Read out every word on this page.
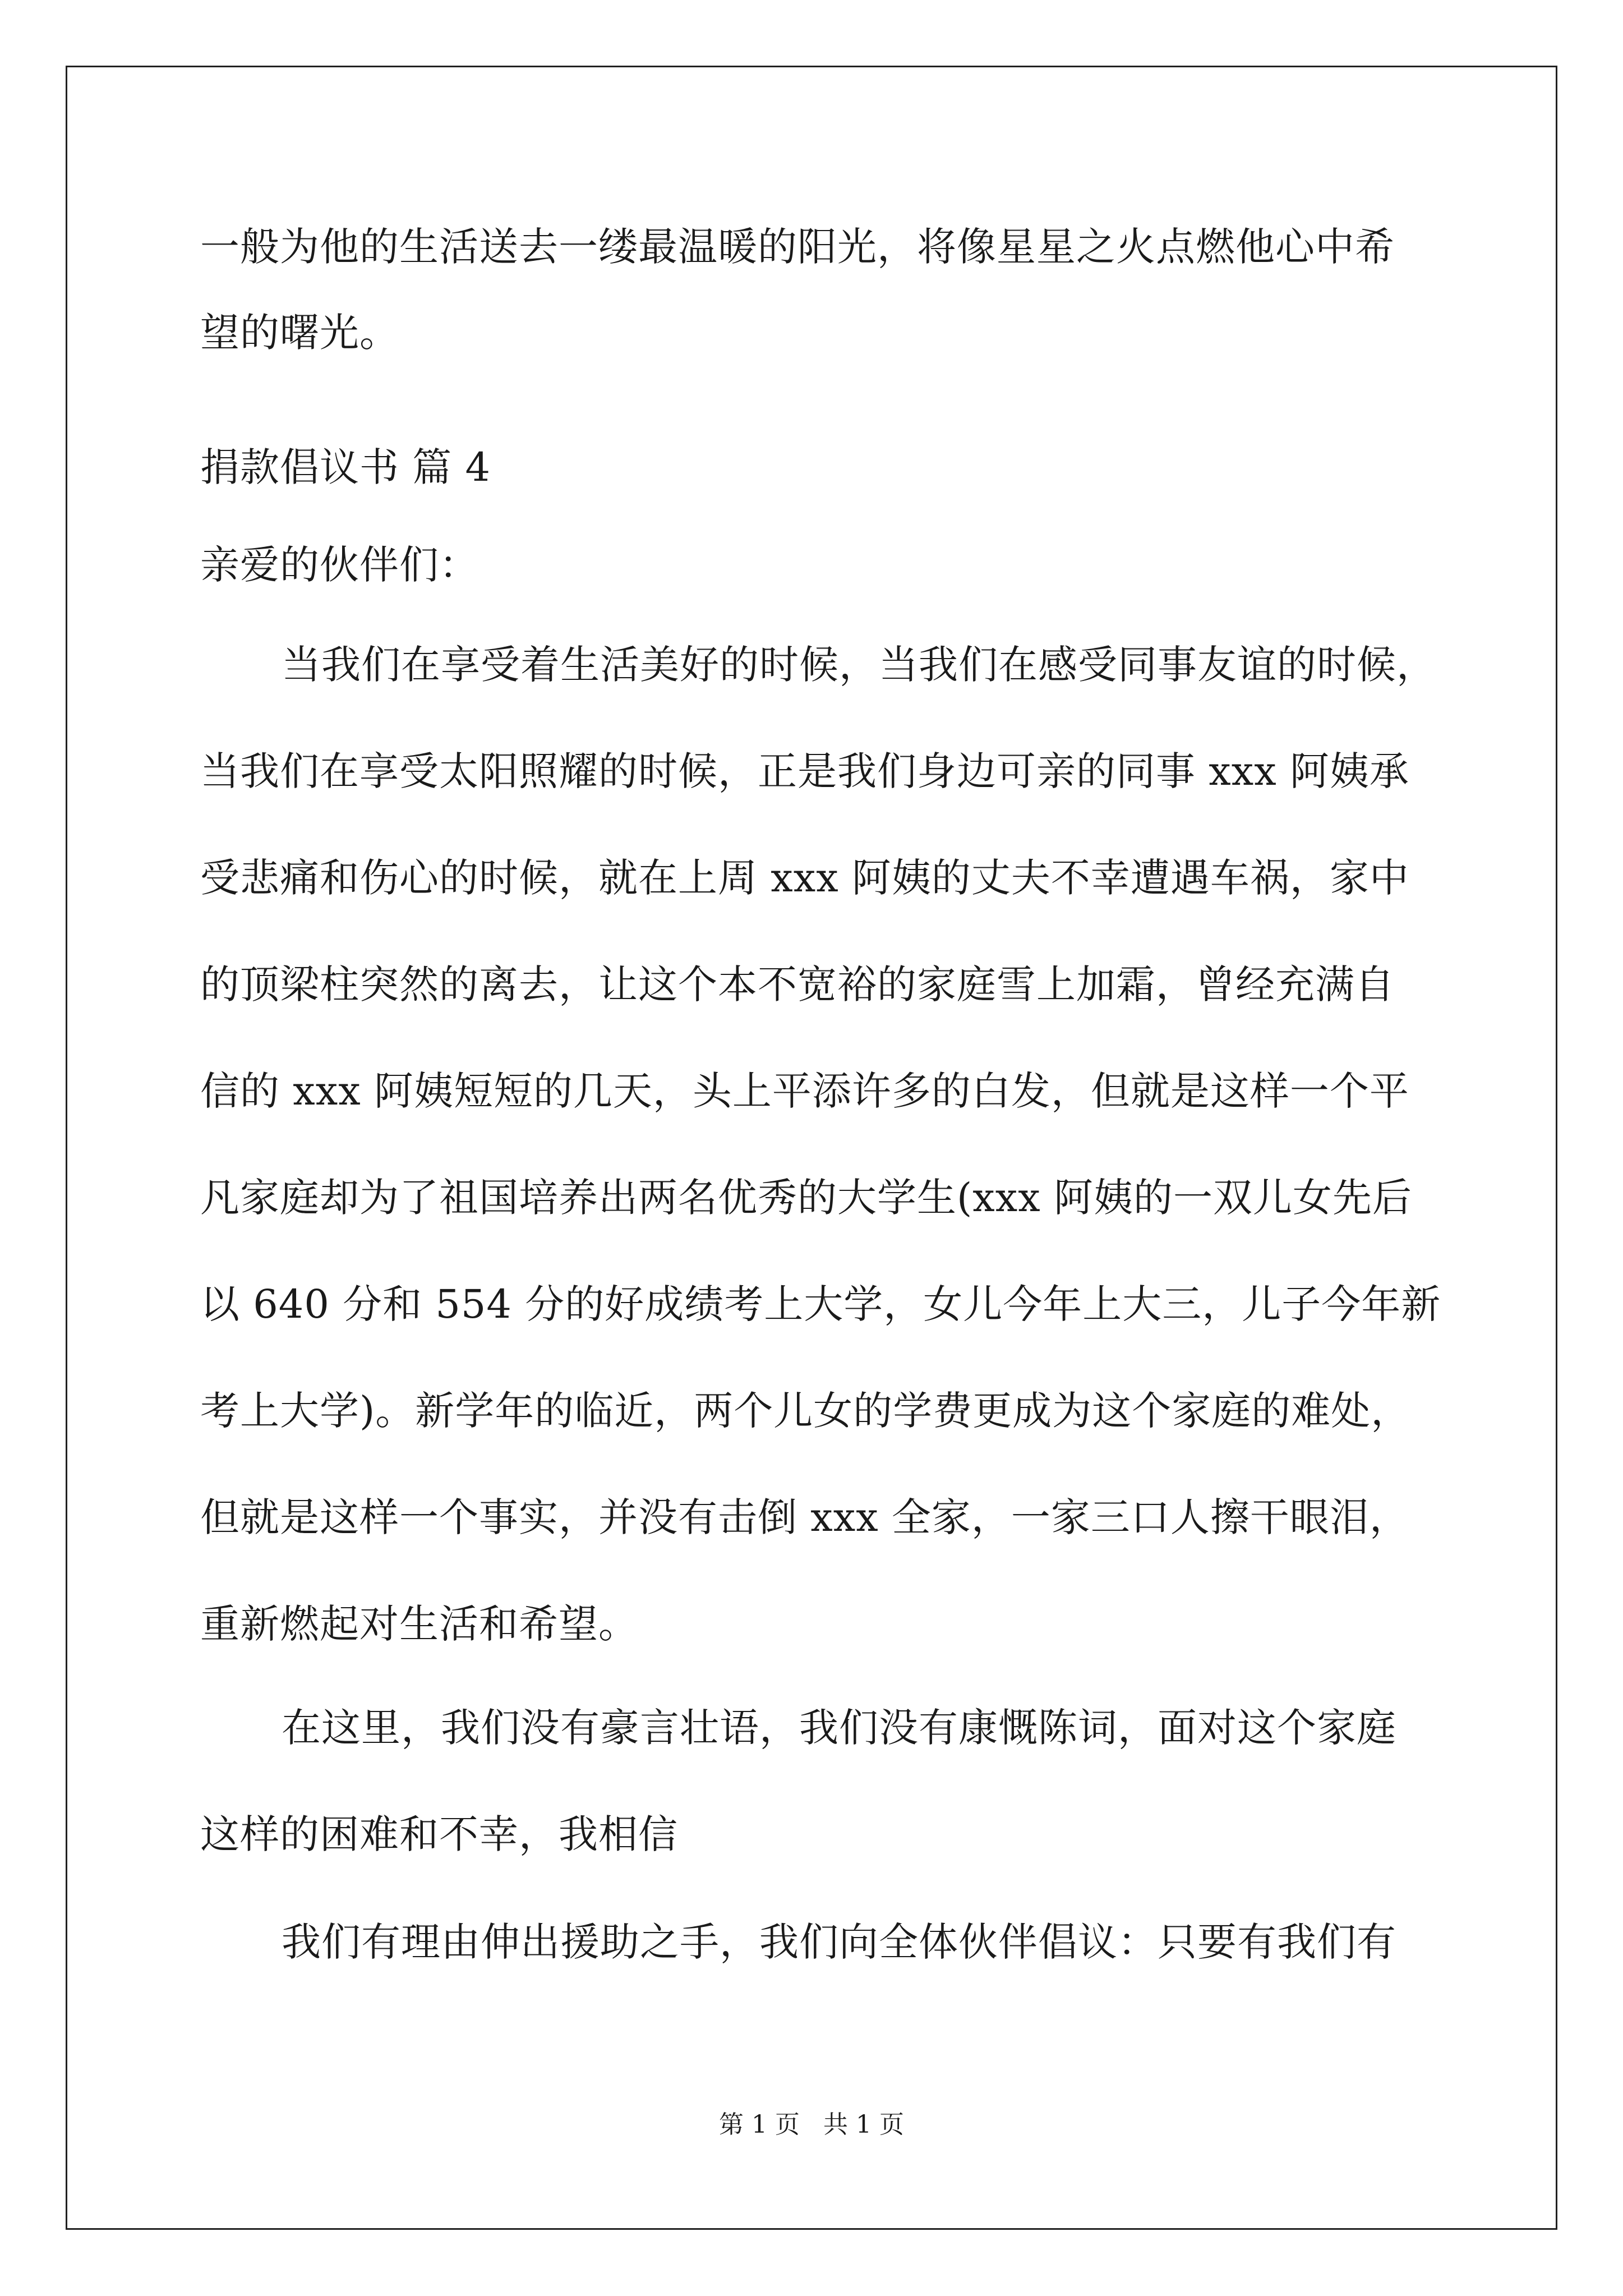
一般为他的生活送去一缕最温暖的阳光，将像星星之火点燃他心中希
望的曙光。
捐款倡议书 篇 4
亲爱的伙伴们：
当我们在享受着生活美好的时候，当我们在感受同事友谊的时候，
当我们在享受太阳照耀的时候，正是我们身边可亲的同事 xxx 阿姨承
受悲痛和伤心的时候，就在上周 xxx 阿姨的丈夫不幸遭遇车祸，家中
的顶梁柱突然的离去，让这个本不宽裕的家庭雪上加霜，曾经充满自
信的 xxx 阿姨短短的几天，头上平添许多的白发，但就是这样一个平
凡家庭却为了祖国培养出两名优秀的大学生(xxx 阿姨的一双儿女先后
以 640 分和 554 分的好成绩考上大学，女儿今年上大三，儿子今年新
考上大学)。新学年的临近，两个儿女的学费更成为这个家庭的难处，
但就是这样一个事实，并没有击倒 xxx 全家，一家三口人擦干眼泪，
重新燃起对生活和希望。
在这里，我们没有豪言壮语，我们没有康慨陈词，面对这个家庭
这样的困难和不幸，我相信
我们有理由伸出援助之手，我们向全体伙伴倡议：只要有我们有
第 1 页 共 1 页
